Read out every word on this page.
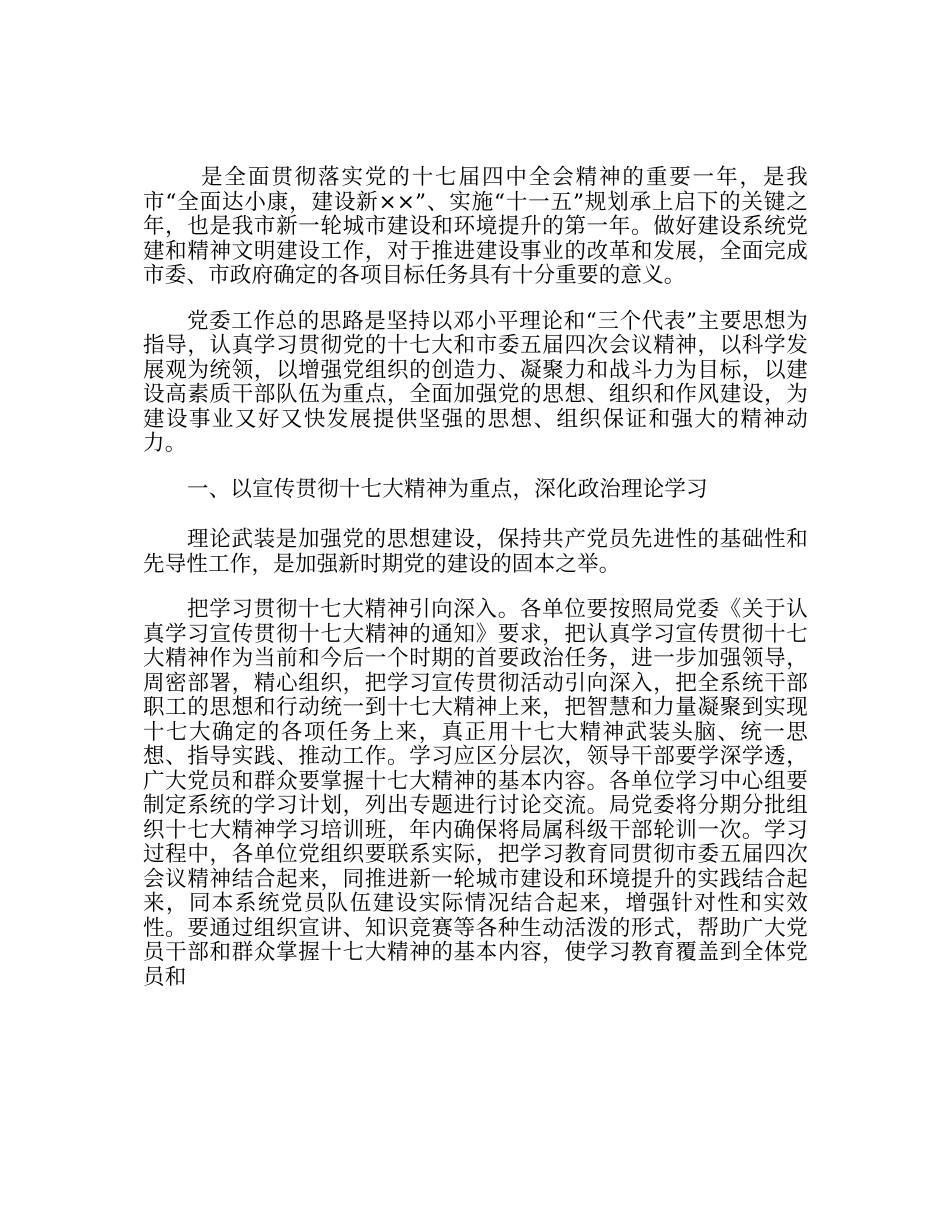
是全面贯彻落实党的十七届四中全会精神的重要一年，是我市“全面达小康，建设新××”、实施“十一五”规划承上启下的关键之年，也是我市新一轮城市建设和环境提升的第一年。做好建设系统党建和精神文明建设工作，对于推进建设事业的改革和发展，全面完成市委、市政府确定的各项目标任务具有十分重要的意义。

党委工作总的思路是坚持以邓小平理论和“三个代表”主要思想为指导，认真学习贯彻党的十七大和市委五届四次会议精神，以科学发展观为统领，以增强党组织的创造力、凝聚力和战斗力为目标，以建设高素质干部队伍为重点，全面加强党的思想、组织和作风建设，为建设事业又好又快发展提供坚强的思想、组织保证和强大的精神动力。

一、以宣传贯彻十七大精神为重点，深化政治理论学习

理论武装是加强党的思想建设，保持共产党员先进性的基础性和先导性工作，是加强新时期党的建设的固本之举。

把学习贯彻十七大精神引向深入。各单位要按照局党委《关于认真学习宣传贯彻十七大精神的通知》要求，把认真学习宣传贯彻十七大精神作为当前和今后一个时期的首要政治任务，进一步加强领导，周密部署，精心组织，把学习宣传贯彻活动引向深入，把全系统干部职工的思想和行动统一到十七大精神上来，把智慧和力量凝聚到实现十七大确定的各项任务上来，真正用十七大精神武装头脑、统一思想、指导实践、推动工作。学习应区分层次，领导干部要学深学透，广大党员和群众要掌握十七大精神的基本内容。各单位学习中心组要制定系统的学习计划，列出专题进行讨论交流。局党委将分期分批组织十七大精神学习培训班，年内确保将局属科级干部轮训一次。学习过程中，各单位党组织要联系实际，把学习教育同贯彻市委五届四次会议精神结合起来，同推进新一轮城市建设和环境提升的实践结合起来，同本系统党员队伍建设实际情况结合起来，增强针对性和实效性。要通过组织宣讲、知识竞赛等各种生动活泼的形式，帮助广大党员干部和群众掌握十七大精神的基本内容，使学习教育覆盖到全体党员和
